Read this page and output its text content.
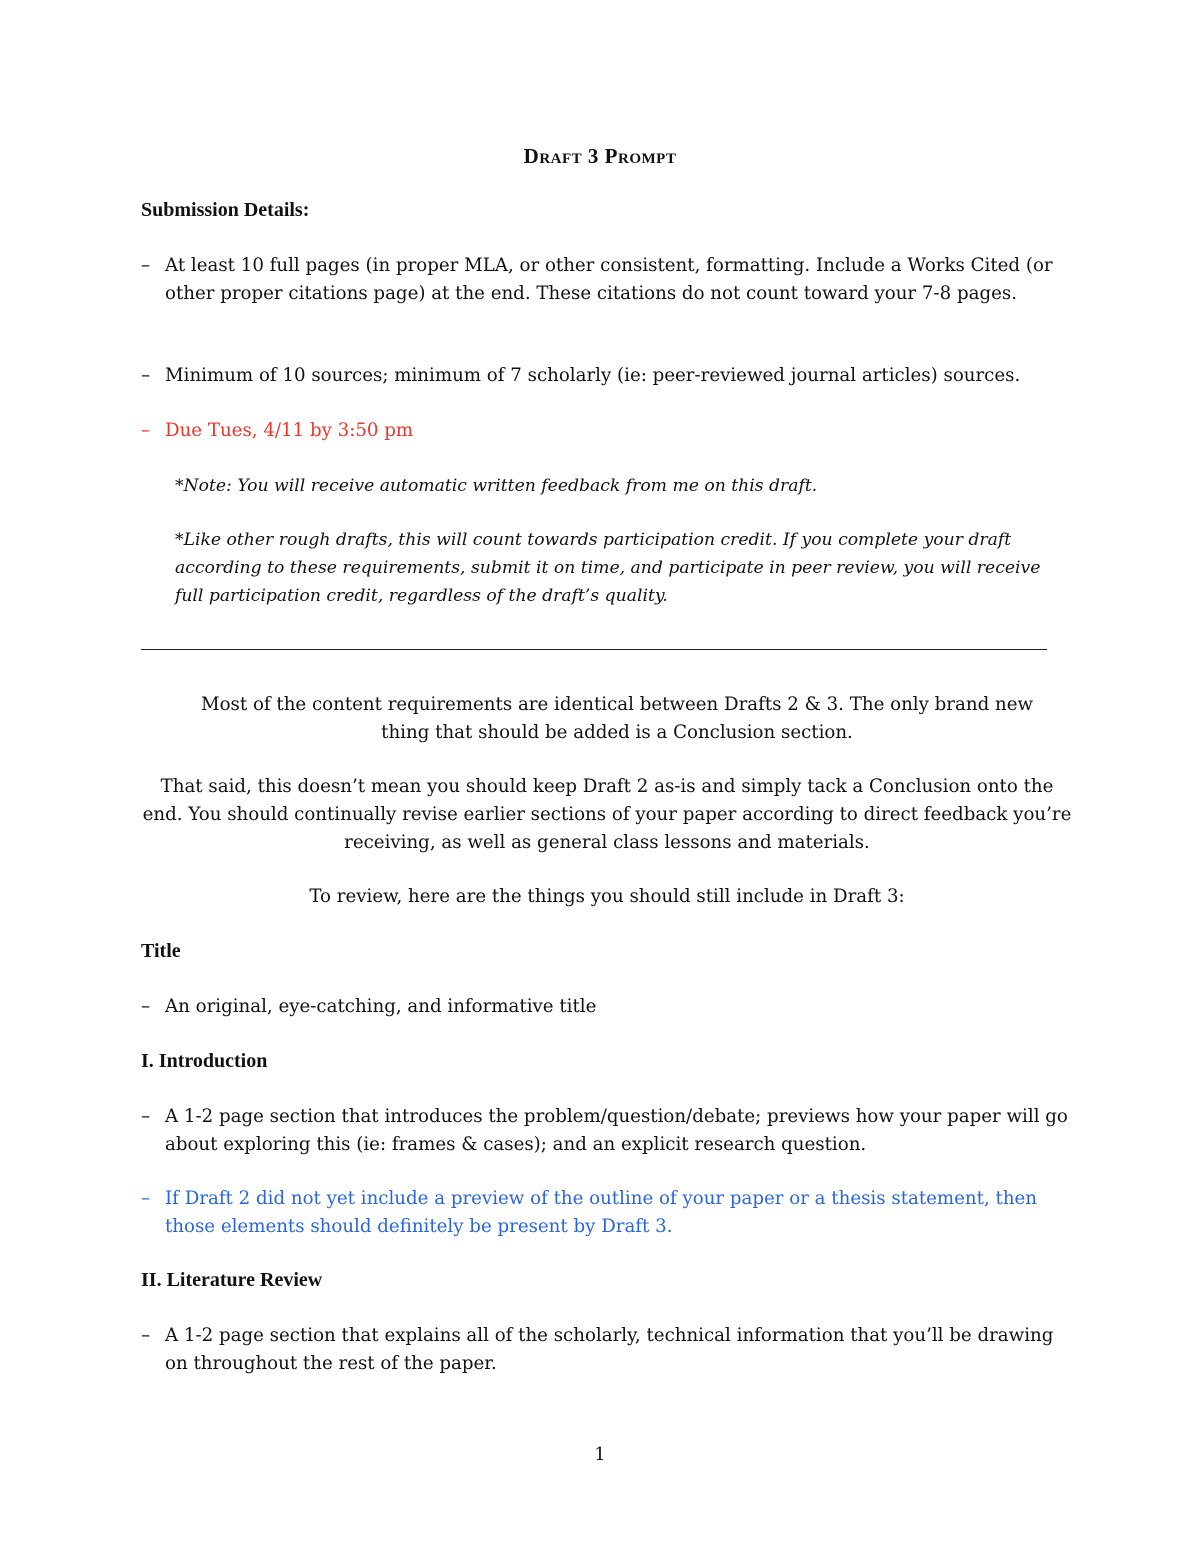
Draft 3 Prompt
Submission Details:
– At least 10 full pages (in proper MLA, or other consistent, formatting. Include a Works Cited (or other proper citations page) at the end. These citations do not count toward your 7-8 pages.
– Minimum of 10 sources; minimum of 7 scholarly (ie: peer-reviewed journal articles) sources.
– Due Tues, 4/11 by 3:50 pm
*Note: You will receive automatic written feedback from me on this draft.
*Like other rough drafts, this will count towards participation credit. If you complete your draft according to these requirements, submit it on time, and participate in peer review, you will receive full participation credit, regardless of the draft’s quality.
Most of the content requirements are identical between Drafts 2 & 3. The only brand new thing that should be added is a Conclusion section.
That said, this doesn’t mean you should keep Draft 2 as-is and simply tack a Conclusion onto the end. You should continually revise earlier sections of your paper according to direct feedback you’re receiving, as well as general class lessons and materials.
To review, here are the things you should still include in Draft 3:
Title
– An original, eye-catching, and informative title
I. Introduction
– A 1-2 page section that introduces the problem/question/debate; previews how your paper will go about exploring this (ie: frames & cases); and an explicit research question.
– If Draft 2 did not yet include a preview of the outline of your paper or a thesis statement, then those elements should definitely be present by Draft 3.
II. Literature Review
– A 1-2 page section that explains all of the scholarly, technical information that you’ll be drawing on throughout the rest of the paper.
1
